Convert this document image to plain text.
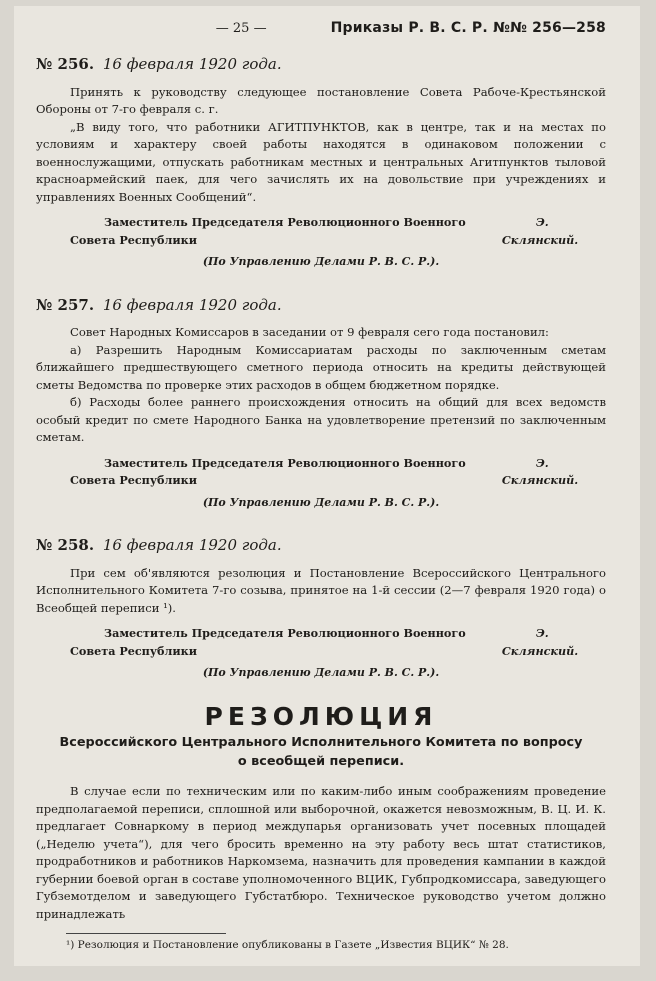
— 25 —	Приказы Р. В. С. Р. №№ 256—258
№ 256. 16 февраля 1920 года.

Принять к руководству следующее постановление Совета Рабоче-Крестьянской Обороны от 7-го февраля с. г.

„В виду того, что работники АГИТПУНКТОВ, как в центре, так и на местах по условиям и характеру своей работы находятся в одинаковом положении с военнослужащими, отпускать работникам местных и центральных Агитпунктов тыловой красноармейский паек, для чего зачислять их на довольствие при учреждениях и управлениях Военных Сообщений“.

Заместитель Председателя Революционного Военного Совета Республики
Э. Склянский.

(По Управлению Делами Р. В. С. Р.).

№ 257. 16 февраля 1920 года.

Совет Народных Комиссаров в заседании от 9 февраля сего года постановил:

а) Разрешить Народным Комиссариатам расходы по заключенным сметам ближайшего предшествующего сметного периода относить на кредиты действующей сметы Ведомства по проверке этих расходов в общем бюджетном порядке.

б) Расходы более раннего происхождения относить на общий для всех ведомств особый кредит по смете Народного Банка на удовлетворение претензий по заключенным сметам.

Заместитель Председателя Революционного Военного Совета Республики
Э. Склянский.

(По Управлению Делами Р. В. С. Р.).

№ 258. 16 февраля 1920 года.

При сем об'являются резолюция и Постановление Всероссийского Центрального Исполнительного Комитета 7-го созыва, принятое на 1-й сессии (2—7 февраля 1920 года) о Всеобщей переписи ¹).

Заместитель Председателя Революционного Военного Совета Республики
Э. Склянский.

(По Управлению Делами Р. В. С. Р.).

РЕЗОЛЮЦИЯ
Всероссийского Центрального Исполнительного Комитета по вопросу о всеобщей переписи.

В случае если по техническим или по каким-либо иным соображениям проведение предполагаемой переписи, сплошной или выборочной, окажется невозможным, В. Ц. И. К. предлагает Совнаркому в период междупарья организовать учет посевных площадей („Неделю учета“), для чего бросить временно на эту работу весь штат статистиков, продработников и работников Наркомзема, назначить для проведения кампании в каждой губернии боевой орган в составе уполномоченного ВЦИК, Губпродкомиссара, заведующего Губземотделом и заведующего Губстатбюро. Техническое руководство учетом должно принадлежать

¹) Резолюция и Постановление опубликованы в Газете „Известия ВЦИК“ № 28.
